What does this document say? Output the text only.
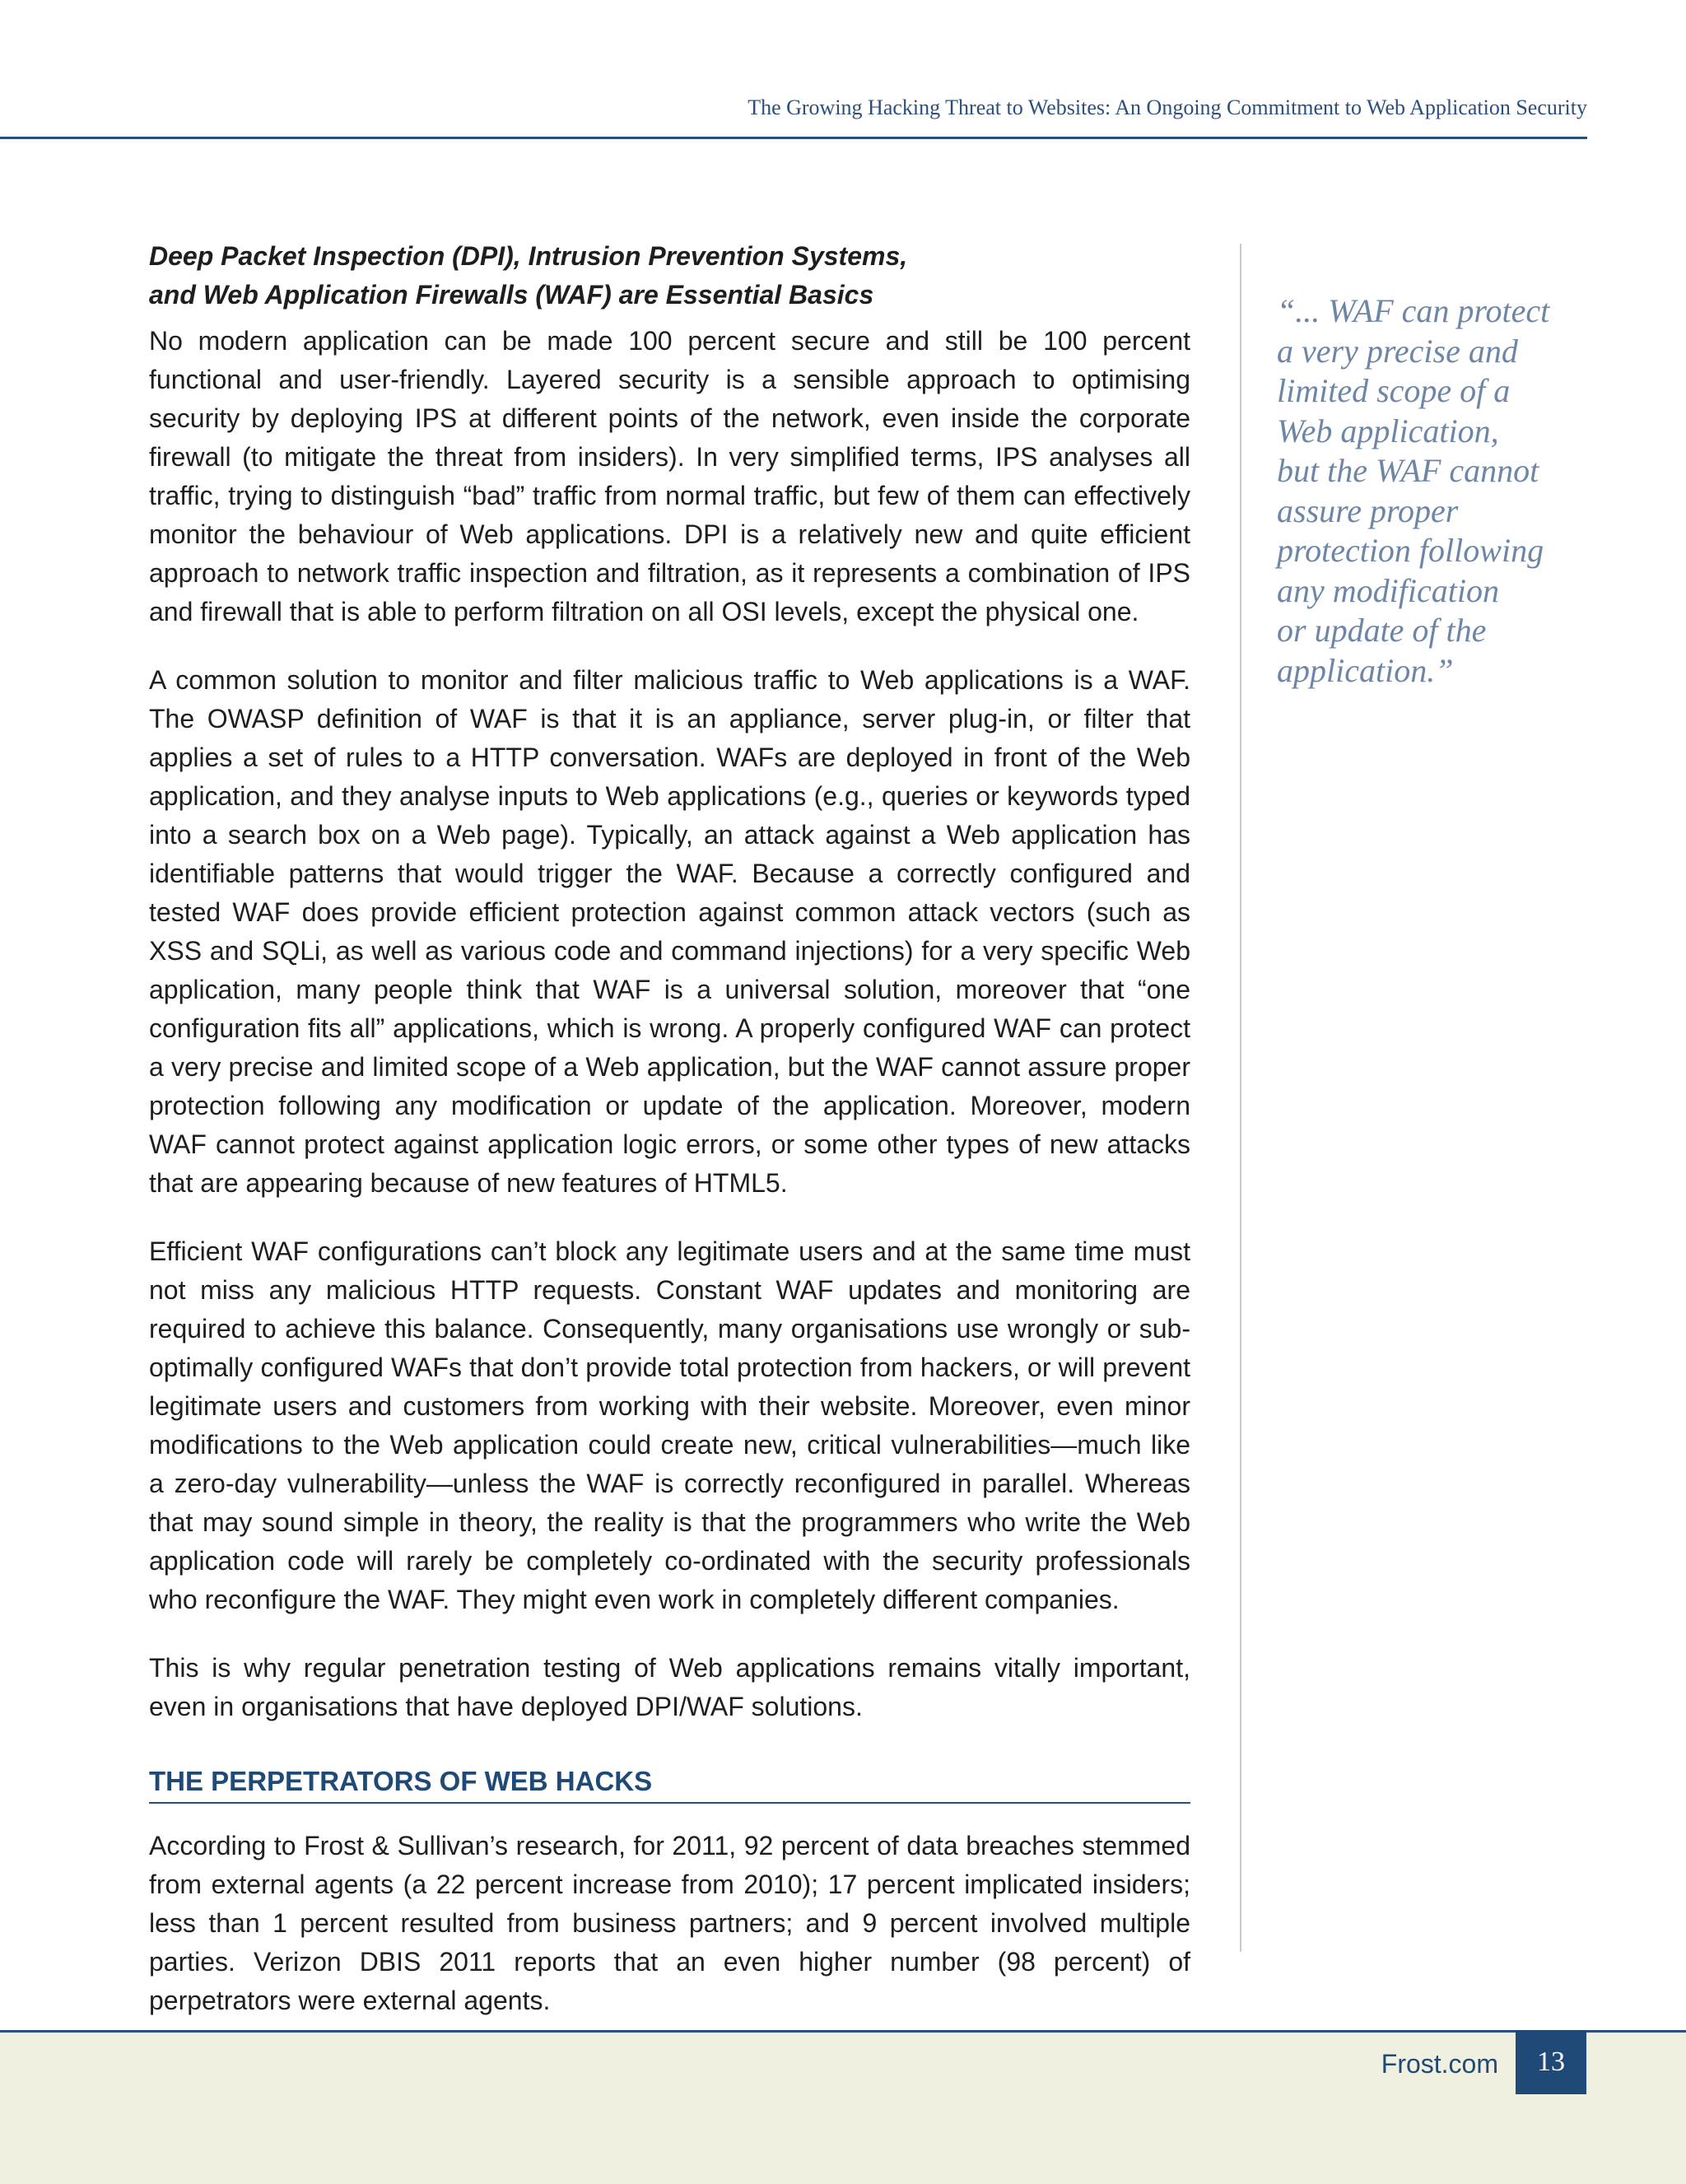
The Growing Hacking Threat to Websites: An Ongoing Commitment to Web Application Security
Deep Packet Inspection (DPI), Intrusion Prevention Systems,
and Web Application Firewalls (WAF) are Essential Basics

No modern application can be made 100 percent secure and still be 100 percent functional and user-friendly. Layered security is a sensible approach to optimising security by deploying IPS at different points of the network, even inside the corporate firewall (to mitigate the threat from insiders). In very simplified terms, IPS analyses all traffic, trying to distinguish “bad” traffic from normal traffic, but few of them can effectively monitor the behaviour of Web applications. DPI is a relatively new and quite efficient approach to network traffic inspection and filtration, as it represents a combination of IPS and firewall that is able to perform filtration on all OSI levels, except the physical one.

A common solution to monitor and filter malicious traffic to Web applications is a WAF. The OWASP definition of WAF is that it is an appliance, server plug-in, or filter that applies a set of rules to a HTTP conversation. WAFs are deployed in front of the Web application, and they analyse inputs to Web applications (e.g., queries or keywords typed into a search box on a Web page). Typically, an attack against a Web application has identifiable patterns that would trigger the WAF. Because a correctly configured and tested WAF does provide efficient protection against common attack vectors (such as XSS and SQLi, as well as various code and command injections) for a very specific Web application, many people think that WAF is a universal solution, moreover that “one configuration fits all” applications, which is wrong. A properly configured WAF can protect a very precise and limited scope of a Web application, but the WAF cannot assure proper protection following any modification or update of the application. Moreover, modern WAF cannot protect against application logic errors, or some other types of new attacks that are appearing because of new features of HTML5.

Efficient WAF configurations can’t block any legitimate users and at the same time must not miss any malicious HTTP requests. Constant WAF updates and monitoring are required to achieve this balance. Consequently, many organisations use wrongly or sub-optimally configured WAFs that don’t provide total protection from hackers, or will prevent legitimate users and customers from working with their website. Moreover, even minor modifications to the Web application could create new, critical vulnerabilities—much like a zero-day vulnerability—unless the WAF is correctly reconfigured in parallel. Whereas that may sound simple in theory, the reality is that the programmers who write the Web application code will rarely be completely co-ordinated with the security professionals who reconfigure the WAF. They might even work in completely different companies.

This is why regular penetration testing of Web applications remains vitally important, even in organisations that have deployed DPI/WAF solutions.

THE PERPETRATORS OF WEB HACKS

According to Frost & Sullivan’s research, for 2011, 92 percent of data breaches stemmed from external agents (a 22 percent increase from 2010); 17 percent implicated insiders; less than 1 percent resulted from business partners; and 9 percent involved multiple parties. Verizon DBIS 2011 reports that an even higher number (98 percent) of perpetrators were external agents.

“... WAF can protect
a very precise and
limited scope of a
Web application,
but the WAF cannot
assure proper
protection following
any modification
or update of the
application.”
Frost.com	13
